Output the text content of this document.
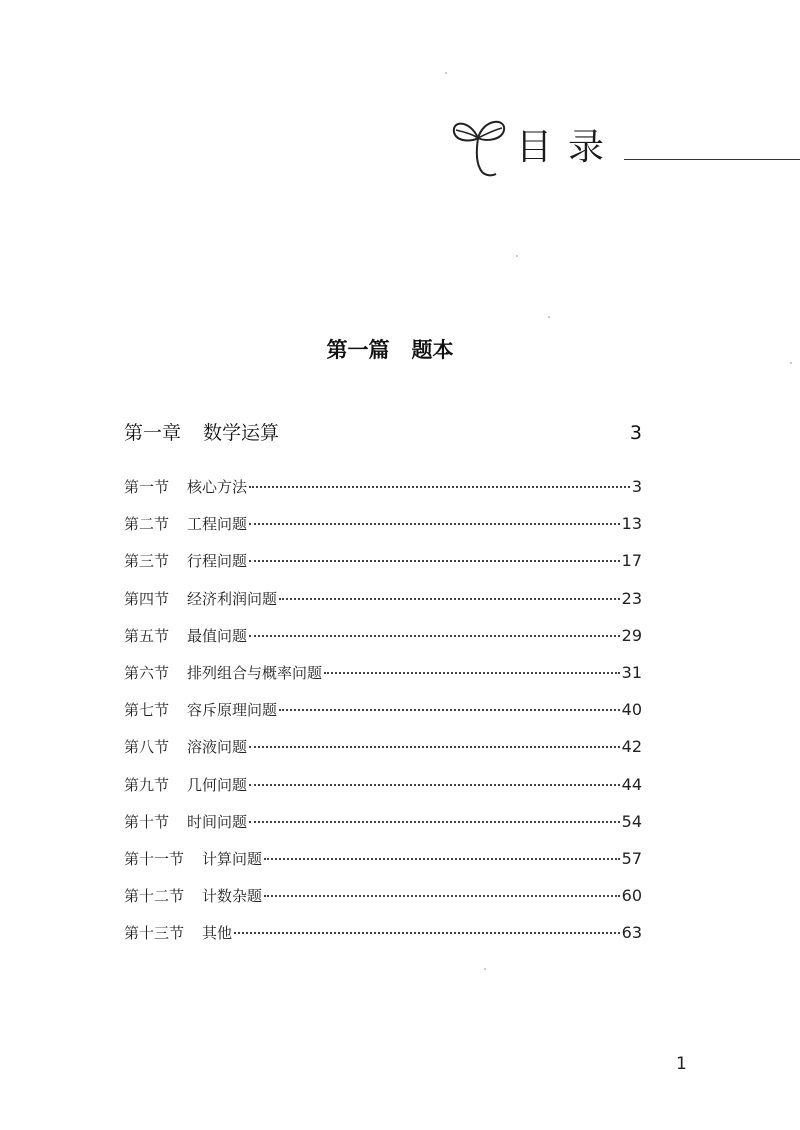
目录
第一篇 题本
第一章 数学运算	3
第一节 核心方法	3
第二节 工程问题	13
第三节 行程问题	17
第四节 经济利润问题	23
第五节 最值问题	29
第六节 排列组合与概率问题	31
第七节 容斥原理问题	40
第八节 溶液问题	42
第九节 几何问题	44
第十节 时间问题	54
第十一节 计算问题	57
第十二节 计数杂题	60
第十三节 其他	63
1
